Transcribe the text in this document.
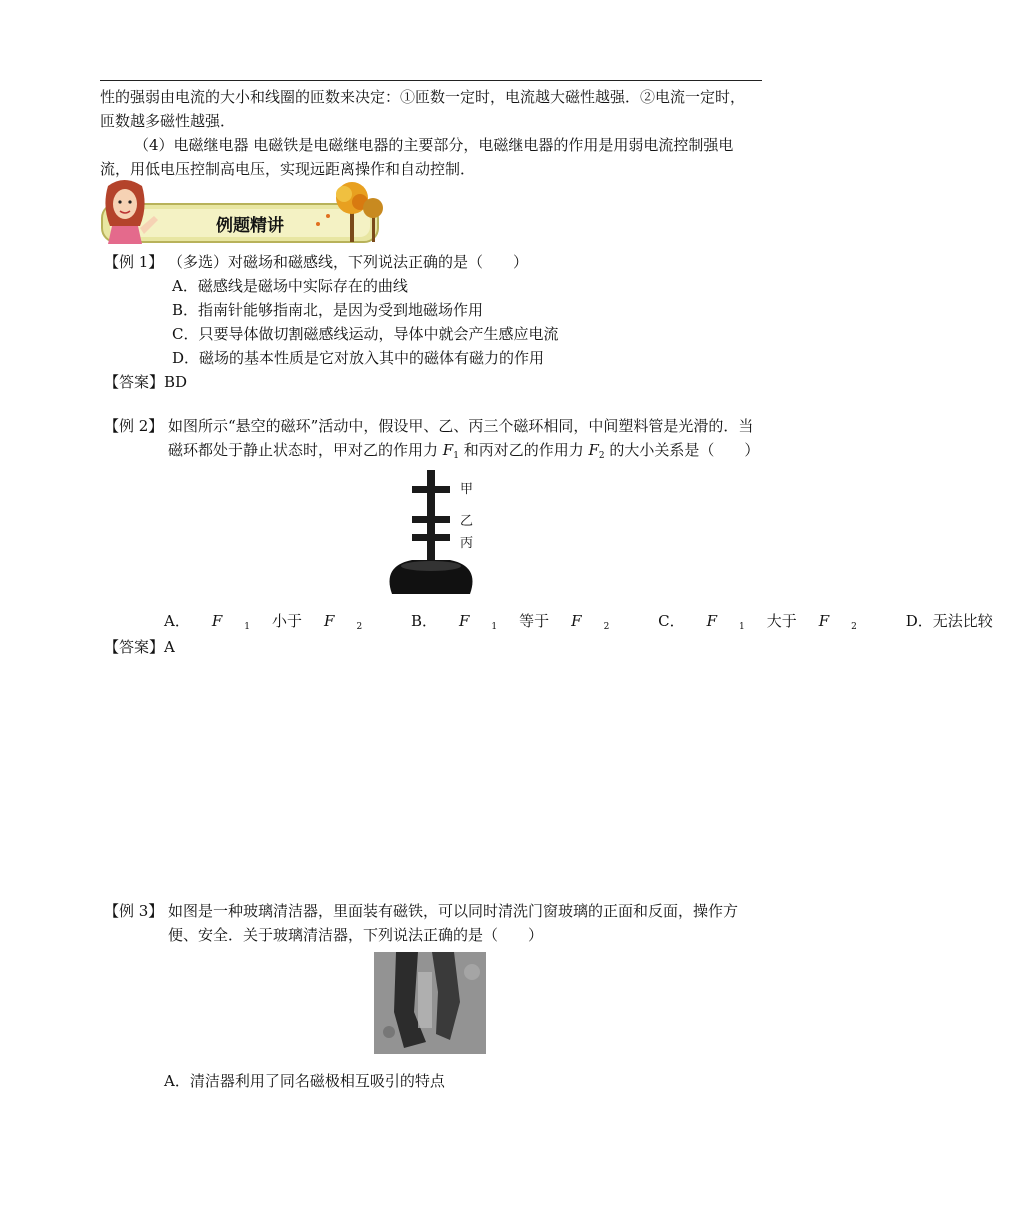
性的强弱由电流的大小和线圈的匝数来决定：①匝数一定时，电流越大磁性越强．②电流一定时，
匝数越多磁性越强．
（4）电磁继电器 电磁铁是电磁继电器的主要部分，电磁继电器的作用是用弱电流控制强电
流，用低电压控制高电压，实现远距离操作和自动控制．
例题精讲
【例 1】 （多选）对磁场和磁感线，下列说法正确的是（　　）
A．磁感线是磁场中实际存在的曲线
B．指南针能够指南北，是因为受到地磁场作用
C．只要导体做切割磁感线运动，导体中就会产生感应电流
D．磁场的基本性质是它对放入其中的磁体有磁力的作用
【答案】BD
【例 2】 如图所示“悬空的磁环”活动中，假设甲、乙、丙三个磁环相同，中间塑料管是光滑的．当
磁环都处于静止状态时，甲对乙的作用力 $F_1$ 和丙对乙的作用力 $F_2$ 的大小关系是（　　）
甲
乙
丙
A． F $_1$ 小于 F $_2$	B． F $_1$ 等于 F $_2$	C． F $_1$ 大于 F $_2$	D．无法比较
【答案】A
【例 3】 如图是一种玻璃清洁器，里面装有磁铁，可以同时清洗门窗玻璃的正面和反面，操作方
便、安全．关于玻璃清洁器，下列说法正确的是（　　）
A．清洁器利用了同名磁极相互吸引的特点
